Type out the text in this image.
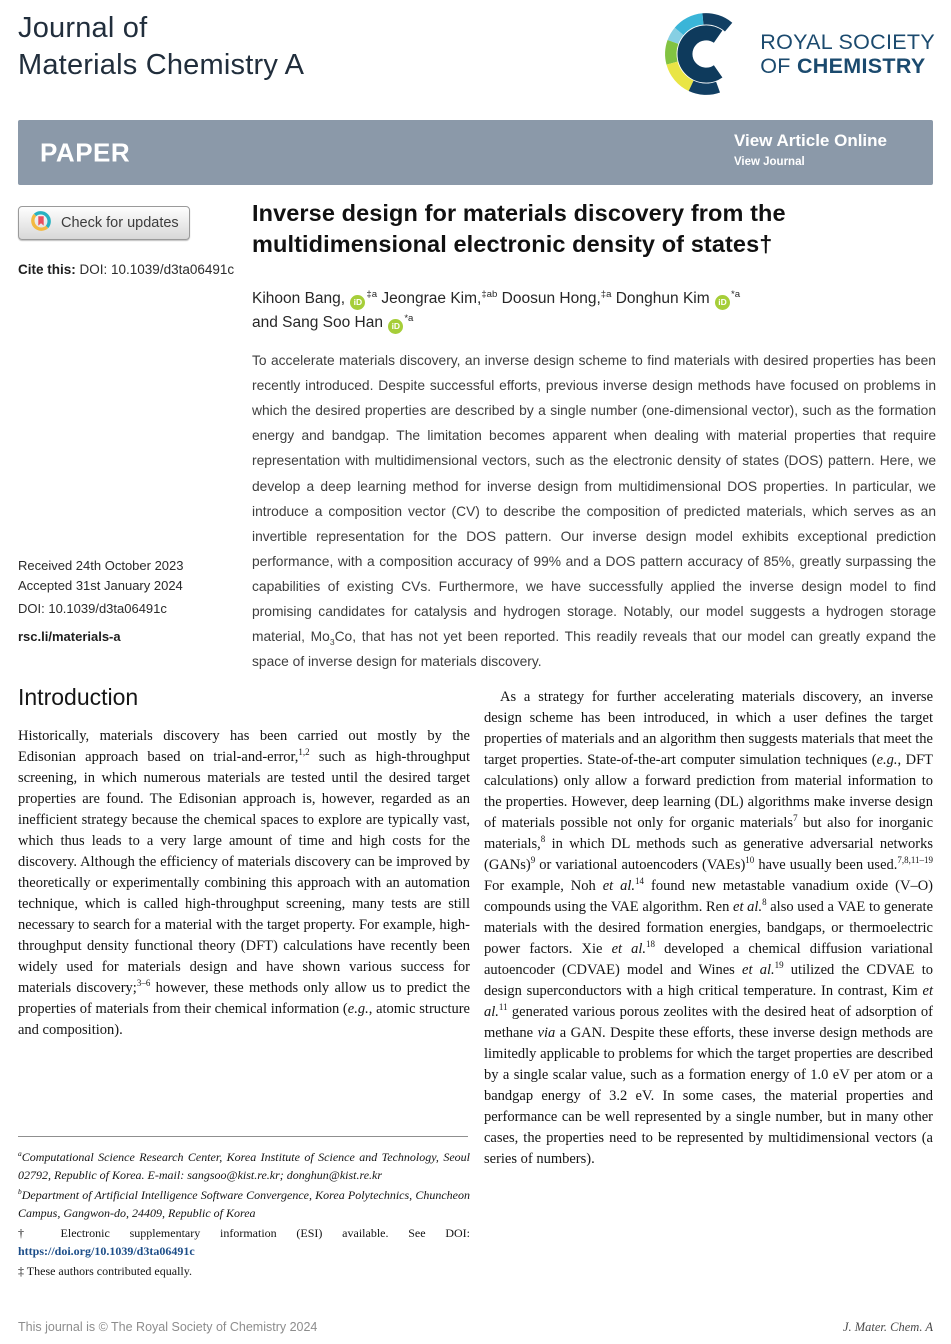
Journal of
Materials Chemistry A
ROYAL SOCIETY
OF CHEMISTRY
PAPER	View Article Online
View Journal
Check for updates
Cite this: DOI: 10.1039/d3ta06491c
Received 24th October 2023
Accepted 31st January 2024
DOI: 10.1039/d3ta06491c
rsc.li/materials-a
Inverse design for materials discovery from the multidimensional electronic density of states†
Kihoon Bang, $iD^{\ddagger a}$ Jeongrae Kim,$^{\ddagger ab}$ Doosun Hong,$^{\ddagger a}$ Donghun Kim $iD^{*a}$
and Sang Soo Han $iD^{*a}$
To accelerate materials discovery, an inverse design scheme to find materials with desired properties has been recently introduced. Despite successful efforts, previous inverse design methods have focused on problems in which the desired properties are described by a single number (one-dimensional vector), such as the formation energy and bandgap. The limitation becomes apparent when dealing with material properties that require representation with multidimensional vectors, such as the electronic density of states (DOS) pattern. Here, we develop a deep learning method for inverse design from multidimensional DOS properties. In particular, we introduce a composition vector (CV) to describe the composition of predicted materials, which serves as an invertible representation for the DOS pattern. Our inverse design model exhibits exceptional prediction performance, with a composition accuracy of 99% and a DOS pattern accuracy of 85%, greatly surpassing the capabilities of existing CVs. Furthermore, we have successfully applied the inverse design model to find promising candidates for catalysis and hydrogen storage. Notably, our model suggests a hydrogen storage material, $Mo_3Co$, that has not yet been reported. This readily reveals that our model can greatly expand the space of inverse design for materials discovery.
Introduction

Historically, materials discovery has been carried out mostly by the Edisonian approach based on trial-and-error,$^{1,2}$ such as high-throughput screening, in which numerous materials are tested until the desired target properties are found. The Edisonian approach is, however, regarded as an inefficient strategy because the chemical spaces to explore are typically vast, which thus leads to a very large amount of time and high costs for the discovery. Although the efficiency of materials discovery can be improved by theoretically or experimentally combining this approach with an automation technique, which is called high-throughput screening, many tests are still necessary to search for a material with the target property. For example, high-throughput density functional theory (DFT) calculations have recently been widely used for materials design and have shown various success for materials discovery;$^{3-6}$ however, these methods only allow us to predict the properties of materials from their chemical information (e.g., atomic structure and composition).

As a strategy for further accelerating materials discovery, an inverse design scheme has been introduced, in which a user defines the target properties of materials and an algorithm then suggests materials that meet the target properties. State-of-the-art computer simulation techniques (e.g., DFT calculations) only allow a forward prediction from material information to the properties. However, deep learning (DL) algorithms make inverse design of materials possible not only for organic materials$^7$ but also for inorganic materials,$^8$ in which DL methods such as generative adversarial networks (GANs)$^9$ or variational autoencoders (VAEs)$^{10}$ have usually been used.$^{7,8,11-19}$ For example, Noh et al.$^{14}$ found new metastable vanadium oxide (V–O) compounds using the VAE algorithm. Ren et al.$^8$ also used a VAE to generate materials with the desired formation energies, bandgaps, or thermoelectric power factors. Xie et al.$^{18}$ developed a chemical diffusion variational autoencoder (CDVAE) model and Wines et al.$^{19}$ utilized the CDVAE to design superconductors with a high critical temperature. In contrast, Kim et al.$^{11}$ generated various porous zeolites with the desired heat of adsorption of methane via a GAN. Despite these efforts, these inverse design methods are limitedly applicable to problems for which the target properties are described by a single scalar value, such as a formation energy of 1.0 eV per atom or a bandgap energy of 3.2 eV. In some cases, the material properties and performance can be well represented by a single number, but in many other cases, the properties need to be represented by multidimensional vectors (a series of numbers).

$^a$Computational Science Research Center, Korea Institute of Science and Technology, Seoul 02792, Republic of Korea. E-mail: sangsoo@kist.re.kr; donghun@kist.re.kr

$^b$Department of Artificial Intelligence Software Convergence, Korea Polytechnics, Chuncheon Campus, Gangwon-do, 24409, Republic of Korea

† Electronic supplementary information (ESI) available. See DOI: https://doi.org/10.1039/d3ta06491c

‡ These authors contributed equally.

This journal is © The Royal Society of Chemistry 2024	J. Mater. Chem. A
